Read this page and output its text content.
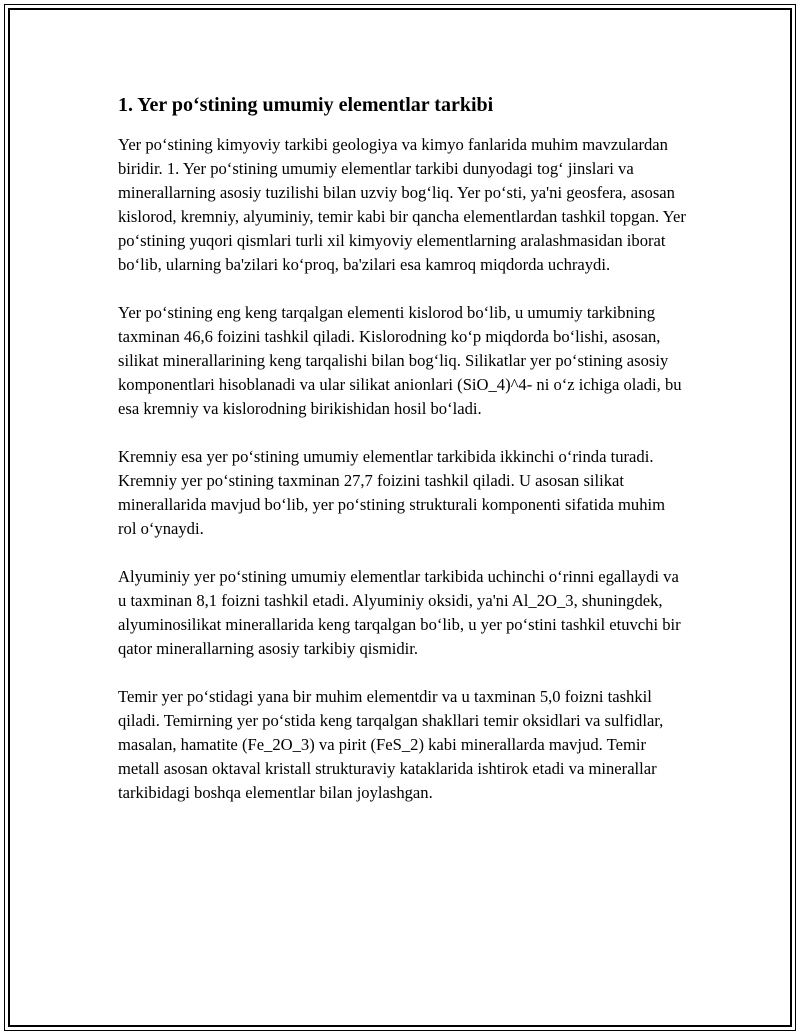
1. Yer po‘stining umumiy elementlar tarkibi

Yer po‘stining kimyoviy tarkibi geologiya va kimyo fanlarida muhim mavzulardan biridir. 1. Yer po‘stining umumiy elementlar tarkibi dunyodagi tog‘ jinslari va minerallarning asosiy tuzilishi bilan uzviy bog‘liq. Yer po‘sti, ya'ni geosfera, asosan kislorod, kremniy, alyuminiy, temir kabi bir qancha elementlardan tashkil topgan. Yer po‘stining yuqori qismlari turli xil kimyoviy elementlarning aralashmasidan iborat bo‘lib, ularning ba'zilari ko‘proq, ba'zilari esa kamroq miqdorda uchraydi.

Yer po‘stining eng keng tarqalgan elementi kislorod bo‘lib, u umumiy tarkibning taxminan 46,6 foizini tashkil qiladi. Kislorodning ko‘p miqdorda bo‘lishi, asosan, silikat minerallarining keng tarqalishi bilan bog‘liq. Silikatlar yer po‘stining asosiy komponentlari hisoblanadi va ular silikat anionlari (SiO_4)^4- ni o‘z ichiga oladi, bu esa kremniy va kislorodning birikishidan hosil bo‘ladi.

Kremniy esa yer po‘stining umumiy elementlar tarkibida ikkinchi o‘rinda turadi. Kremniy yer po‘stining taxminan 27,7 foizini tashkil qiladi. U asosan silikat minerallarida mavjud bo‘lib, yer po‘stining strukturali komponenti sifatida muhim rol o‘ynaydi.

Alyuminiy yer po‘stining umumiy elementlar tarkibida uchinchi o‘rinni egallaydi va u taxminan 8,1 foizni tashkil etadi. Alyuminiy oksidi, ya'ni Al_2O_3, shuningdek, alyuminosilikat minerallarida keng tarqalgan bo‘lib, u yer po‘stini tashkil etuvchi bir qator minerallarning asosiy tarkibiy qismidir.

Temir yer po‘stidagi yana bir muhim elementdir va u taxminan 5,0 foizni tashkil qiladi. Temirning yer po‘stida keng tarqalgan shakllari temir oksidlari va sulfidlar, masalan, hamatite (Fe_2O_3) va pirit (FeS_2) kabi minerallarda mavjud. Temir metall asosan oktaval kristall strukturaviy kataklarida ishtirok etadi va minerallar tarkibidagi boshqa elementlar bilan joylashgan.
